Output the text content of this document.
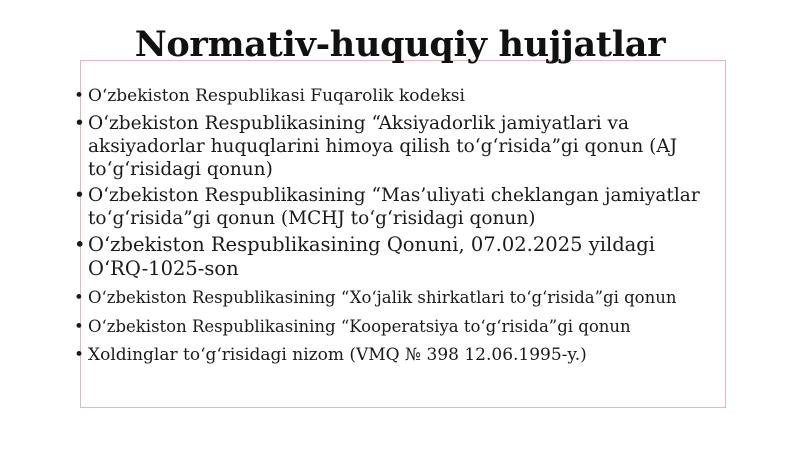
Normativ-huquqiy hujjatlar
• O‘zbekiston Respublikasi Fuqarolik kodeksi
• O‘zbekiston Respublikasining “Aksiyadorlik jamiyatlari va
aksiyadorlar huquqlarini himoya qilish to‘g‘risida”gi qonun (AJ
to‘g‘risidagi qonun)
• O‘zbekiston Respublikasining “Mas’uliyati cheklangan jamiyatlar
to‘g‘risida”gi qonun (MCHJ to‘g‘risidagi qonun)
• O‘zbekiston Respublikasining Qonuni, 07.02.2025 yildagi
O‘RQ-1025-son
• O‘zbekiston Respublikasining “Xo‘jalik shirkatlari to‘g‘risida”gi qonun
• O‘zbekiston Respublikasining “Kooperatsiya to‘g‘risida”gi qonun
• Xoldinglar to‘g‘risidagi nizom (VMQ № 398 12.06.1995-y.)
